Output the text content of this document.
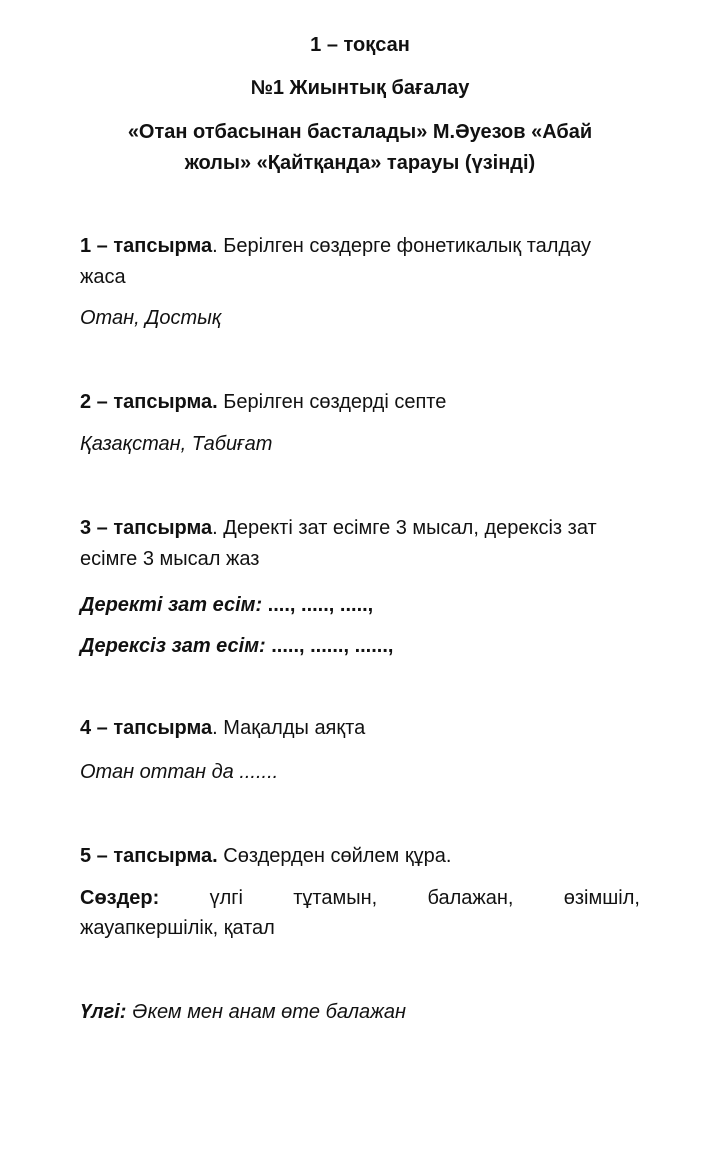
1 – тоқсан
№1 Жиынтық бағалау
«Отан отбасынан басталады» М.Әуезов «Абай
жолы» «Қайтқанда» тарауы (үзінді)
1 – тапсырма. Берілген сөздерге фонетикалық талдау
жаса
Отан, Достық
2 – тапсырма. Берілген сөздерді септе
Қазақстан, Табиғат
3 – тапсырма. Деректі зат есімге 3 мысал, дерексіз зат
есімге 3 мысал жаз
Деректі зат есім: ...., ....., .....,
Дерексіз зат есім: ....., ......, ......,
4 – тапсырма. Мақалды аяқта
Отан оттан да .......
5 – тапсырма. Сөздерден сөйлем құра.
Сөздер:	үлгі	тұтамын,	балажан,	өзімшіл,
жауапкершілік, қатал
Үлгі: Әкем мен анам өте балажан
